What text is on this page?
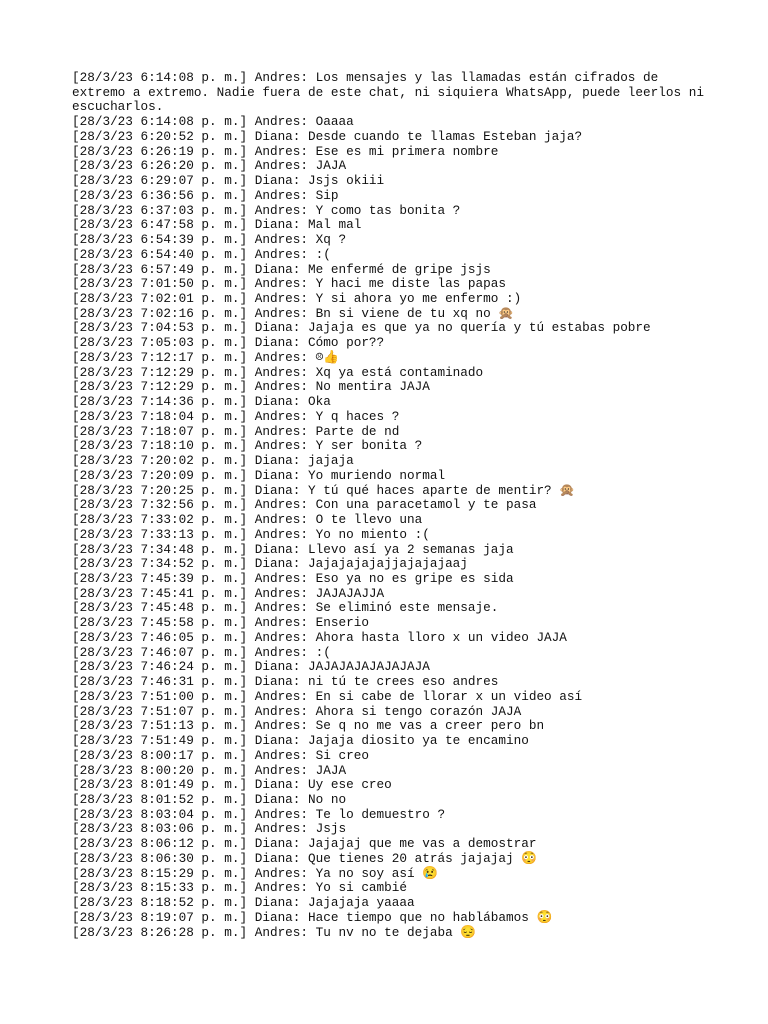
[28/3/23 6:14:08 p. m.] Andres: Los mensajes y las llamadas están cifrados de extremo a extremo. Nadie fuera de este chat, ni siquiera WhatsApp, puede leerlos ni escucharlos.
[28/3/23 6:14:08 p. m.] Andres: Oaaaa
[28/3/23 6:20:52 p. m.] Diana: Desde cuando te llamas Esteban jaja?
[28/3/23 6:26:19 p. m.] Andres: Ese es mi primera nombre
[28/3/23 6:26:20 p. m.] Andres: JAJA
[28/3/23 6:29:07 p. m.] Diana: Jsjs okiii
[28/3/23 6:36:56 p. m.] Andres: Sip
[28/3/23 6:37:03 p. m.] Andres: Y como tas bonita ?
[28/3/23 6:47:58 p. m.] Diana: Mal mal
[28/3/23 6:54:39 p. m.] Andres: Xq ?
[28/3/23 6:54:40 p. m.] Andres: :(
[28/3/23 6:57:49 p. m.] Diana: Me enfermé de gripe jsjs
[28/3/23 7:01:50 p. m.] Andres: Y haci me diste las papas
[28/3/23 7:02:01 p. m.] Andres: Y si ahora yo me enfermo :)
[28/3/23 7:02:16 p. m.] Andres: Bn si viene de tu xq no 🙊
[28/3/23 7:04:53 p. m.] Diana: Jajaja es que ya no quería y tú estabas pobre
[28/3/23 7:05:03 p. m.] Diana: Cómo por??
[28/3/23 7:12:17 p. m.] Andres: ☹👍
[28/3/23 7:12:29 p. m.] Andres: Xq ya está contaminado
[28/3/23 7:12:29 p. m.] Andres: No mentira JAJA
[28/3/23 7:14:36 p. m.] Diana: Oka
[28/3/23 7:18:04 p. m.] Andres: Y q haces ?
[28/3/23 7:18:07 p. m.] Andres: Parte de nd
[28/3/23 7:18:10 p. m.] Andres: Y ser bonita ?
[28/3/23 7:20:02 p. m.] Diana: jajaja
[28/3/23 7:20:09 p. m.] Diana: Yo muriendo normal
[28/3/23 7:20:25 p. m.] Diana: Y tú qué haces aparte de mentir? 🙊
[28/3/23 7:32:56 p. m.] Andres: Con una paracetamol y te pasa
[28/3/23 7:33:02 p. m.] Andres: O te llevo una
[28/3/23 7:33:13 p. m.] Andres: Yo no miento :(
[28/3/23 7:34:48 p. m.] Diana: Llevo así ya 2 semanas jaja
[28/3/23 7:34:52 p. m.] Diana: Jajajajajajjajajajaaj
[28/3/23 7:45:39 p. m.] Andres: Eso ya no es gripe es sida
[28/3/23 7:45:41 p. m.] Andres: JAJAJAJJA
[28/3/23 7:45:48 p. m.] Andres: Se eliminó este mensaje.
[28/3/23 7:45:58 p. m.] Andres: Enserio
[28/3/23 7:46:05 p. m.] Andres: Ahora hasta lloro x un video JAJA
[28/3/23 7:46:07 p. m.] Andres: :(
[28/3/23 7:46:24 p. m.] Diana: JAJAJAJAJAJAJAJA
[28/3/23 7:46:31 p. m.] Diana: ni tú te crees eso andres
[28/3/23 7:51:00 p. m.] Andres: En si cabe de llorar x un video así
[28/3/23 7:51:07 p. m.] Andres: Ahora si tengo corazón JAJA
[28/3/23 7:51:13 p. m.] Andres: Se q no me vas a creer pero bn
[28/3/23 7:51:49 p. m.] Diana: Jajaja diosito ya te encamino
[28/3/23 8:00:17 p. m.] Andres: Si creo
[28/3/23 8:00:20 p. m.] Andres: JAJA
[28/3/23 8:01:49 p. m.] Diana: Uy ese creo
[28/3/23 8:01:52 p. m.] Diana: No no
[28/3/23 8:03:04 p. m.] Andres: Te lo demuestro ?
[28/3/23 8:03:06 p. m.] Andres: Jsjs
[28/3/23 8:06:12 p. m.] Diana: Jajajaj que me vas a demostrar
[28/3/23 8:06:30 p. m.] Diana: Que tienes 20 atrás jajajaj 😳
[28/3/23 8:15:29 p. m.] Andres: Ya no soy así 😢
[28/3/23 8:15:33 p. m.] Andres: Yo si cambié
[28/3/23 8:18:52 p. m.] Diana: Jajajaja yaaaa
[28/3/23 8:19:07 p. m.] Diana: Hace tiempo que no hablábamos 😳
[28/3/23 8:26:28 p. m.] Andres: Tu nv no te dejaba 😔
